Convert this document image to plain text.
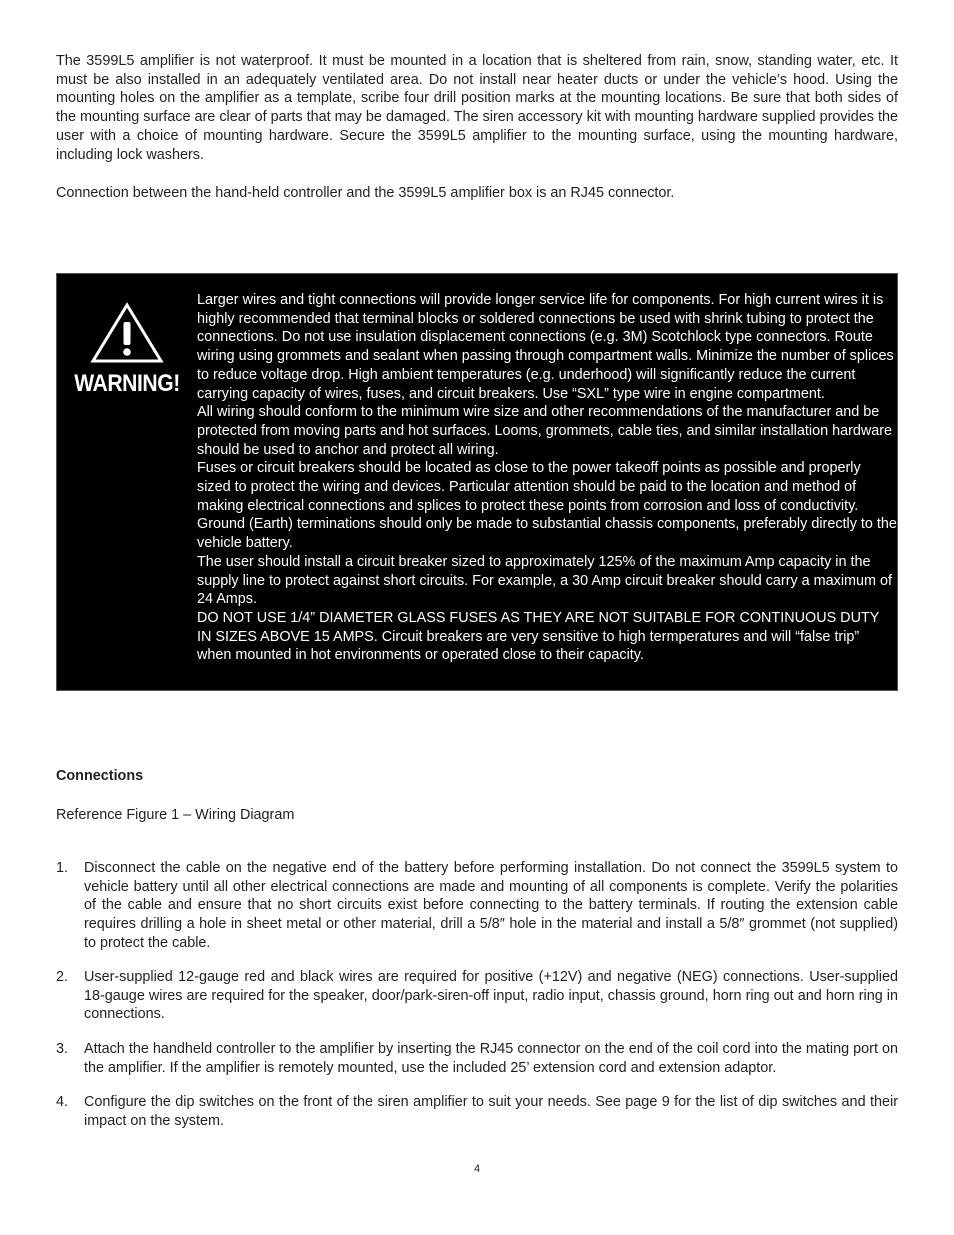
The 3599L5 amplifier is not waterproof. It must be mounted in a location that is sheltered from rain, snow, standing water, etc. It must be also installed in an adequately ventilated area. Do not install near heater ducts or under the vehicle’s hood. Using the mounting holes on the amplifier as a template, scribe four drill position marks at the mounting locations. Be sure that both sides of the mounting surface are clear of parts that may be damaged. The siren accessory kit with mounting hardware supplied provides the user with a choice of mounting hardware. Secure the 3599L5 amplifier to the mounting surface, using the mounting hardware, including lock washers.

Connection between the hand-held controller and the 3599L5 amplifier box is an RJ45 connector.

WARNING!

Larger wires and tight connections will provide longer service life for components. For high current wires it is highly recommended that terminal blocks or soldered connections be used with shrink tubing to protect the connections. Do not use insulation displacement connections (e.g. 3M) Scotchlock type connectors. Route wiring using grommets and sealant when passing through compartment walls. Minimize the number of splices to reduce voltage drop. High ambient temperatures (e.g. underhood) will significantly reduce the current carrying capacity of wires, fuses, and circuit breakers. Use “SXL” type wire in engine compartment.

All wiring should conform to the minimum wire size and other recommendations of the manufacturer and be protected from moving parts and hot surfaces. Looms, grommets, cable ties, and similar installation hardware should be used to anchor and protect all wiring.

Fuses or circuit breakers should be located as close to the power takeoff points as possible and properly sized to protect the wiring and devices. Particular attention should be paid to the location and method of making electrical connections and splices to protect these points from corrosion and loss of conductivity. Ground (Earth) terminations should only be made to substantial chassis components, preferably directly to the vehicle battery.

The user should install a circuit breaker sized to approximately 125% of the maximum Amp capacity in the supply line to protect against short circuits. For example, a 30 Amp circuit breaker should carry a maximum of 24 Amps.

DO NOT USE 1/4” DIAMETER GLASS FUSES AS THEY ARE NOT SUITABLE FOR CONTINUOUS DUTY IN SIZES ABOVE 15 AMPS. Circuit breakers are very sensitive to high termperatures and will “false trip” when mounted in hot environments or operated close to their capacity.

Connections

Reference Figure 1 – Wiring Diagram

1. Disconnect the cable on the negative end of the battery before performing installation. Do not connect the 3599L5 system to vehicle battery until all other electrical connections are made and mounting of all components is complete. Verify the polarities of the cable and ensure that no short circuits exist before connecting to the battery terminals. If routing the extension cable requires drilling a hole in sheet metal or other material, drill a 5/8″ hole in the material and install a 5/8″ grommet (not supplied) to protect the cable.
2. User-supplied 12-gauge red and black wires are required for positive (+12V) and negative (NEG) connections. User-supplied 18-gauge wires are required for the speaker, door/park-siren-off input, radio input, chassis ground, horn ring out and horn ring in connections.
3. Attach the handheld controller to the amplifier by inserting the RJ45 connector on the end of the coil cord into the mating port on the amplifier. If the amplifier is remotely mounted, use the included 25’ extension cord and extension adaptor.
4. Configure the dip switches on the front of the siren amplifier to suit your needs. See page 9 for the list of dip switches and their impact on the system.
4
